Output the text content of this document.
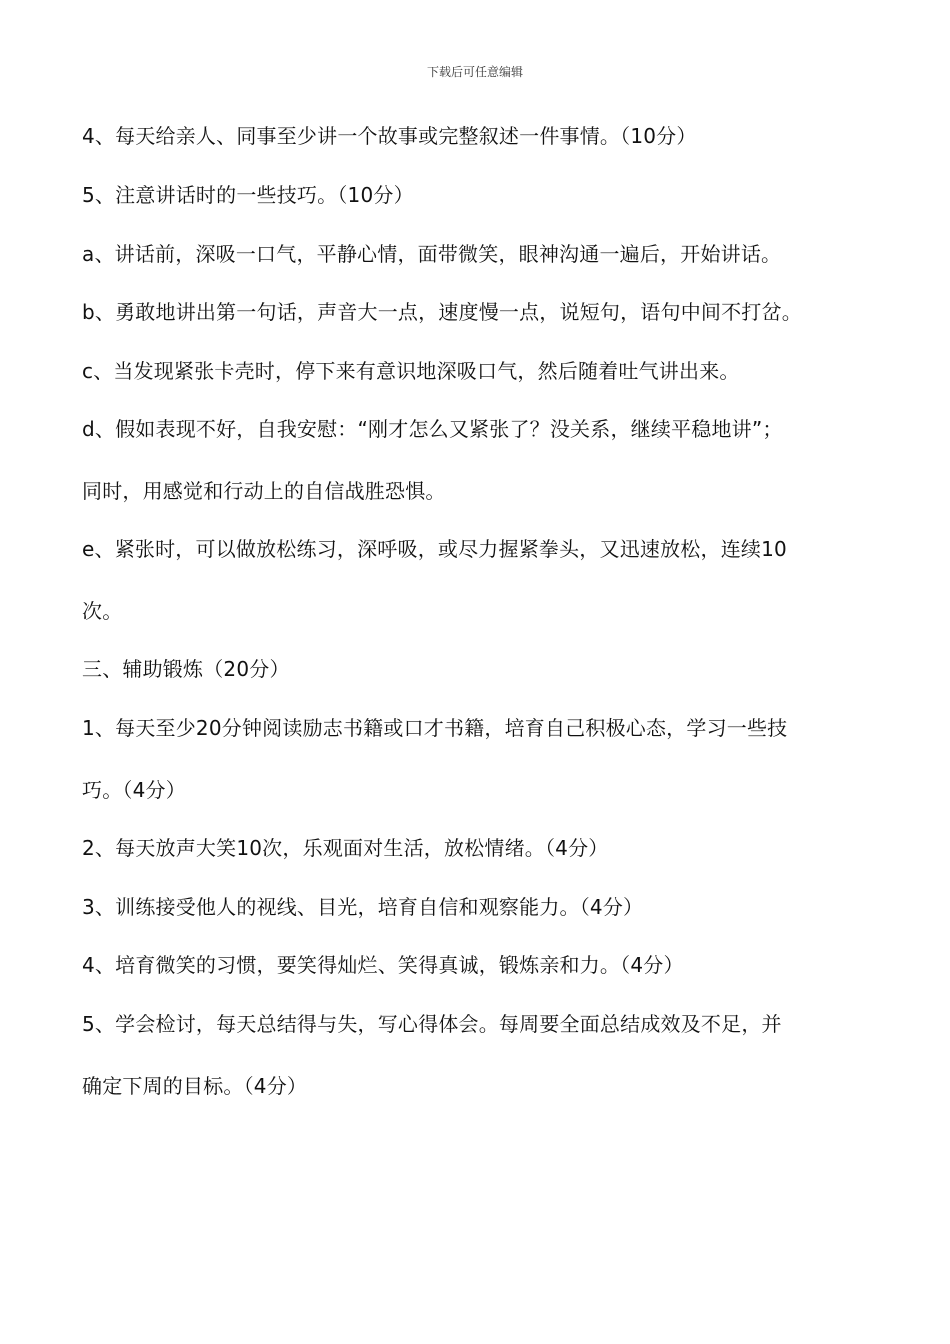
下载后可任意编辑
4、每天给亲人、同事至少讲一个故事或完整叙述一件事情。（10分）
5、注意讲话时的一些技巧。（10分）
a、讲话前，深吸一口气，平静心情，面带微笑，眼神沟通一遍后，开始讲话。
b、勇敢地讲出第一句话，声音大一点，速度慢一点，说短句，语句中间不打岔。
c、当发现紧张卡壳时，停下来有意识地深吸口气，然后随着吐气讲出来。
d、假如表现不好，自我安慰：“刚才怎么又紧张了？没关系，继续平稳地讲”；
同时，用感觉和行动上的自信战胜恐惧。
e、紧张时，可以做放松练习，深呼吸，或尽力握紧拳头，又迅速放松，连续10
次。
三、辅助锻炼（20分）
1、每天至少20分钟阅读励志书籍或口才书籍，培育自己积极心态，学习一些技
巧。（4分）
2、每天放声大笑10次，乐观面对生活，放松情绪。（4分）
3、训练接受他人的视线、目光，培育自信和观察能力。（4分）
4、培育微笑的习惯，要笑得灿烂、笑得真诚，锻炼亲和力。（4分）
5、学会检讨，每天总结得与失，写心得体会。每周要全面总结成效及不足，并
确定下周的目标。（4分）
